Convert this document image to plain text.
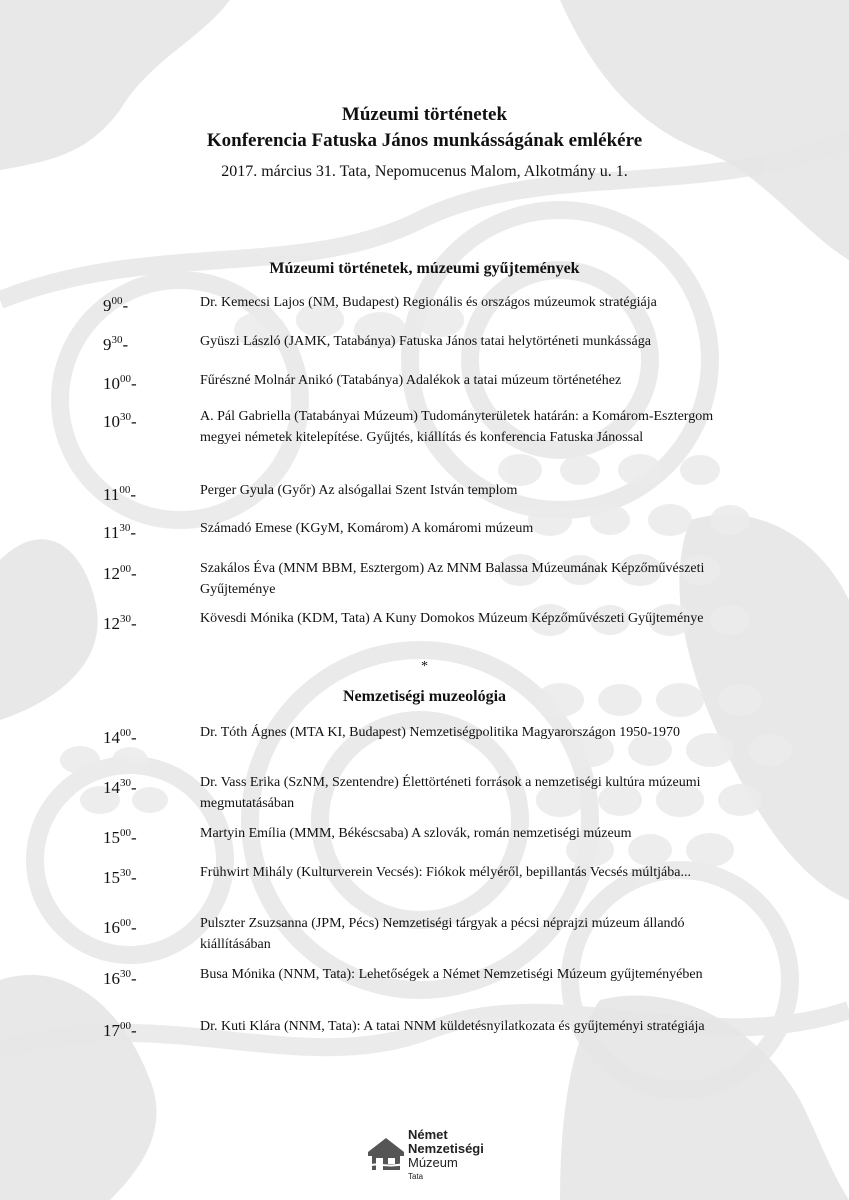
Múzeumi történetek
Konferencia Fatuska János munkásságának emlékére
2017. március 31. Tata, Nepomucenus Malom, Alkotmány u. 1.
Múzeumi történetek, múzeumi gyűjtemények
$9^{00}-$	Dr. Kemecsi Lajos (NM, Budapest) Regionális és országos múzeumok stratégiája
$9^{30}-$	Gyüszi László (JAMK, Tatabánya) Fatuska János tatai helytörténeti munkássága
$10^{00}-$	Fűrészné Molnár Anikó (Tatabánya) Adalékok a tatai múzeum történetéhez
$10^{30}-$	A. Pál Gabriella (Tatabányai Múzeum) Tudományterületek határán: a Komárom-Esztergom megyei németek kitelepítése. Gyűjtés, kiállítás és konferencia Fatuska Jánossal
$11^{00}-$	Perger Gyula (Győr) Az alsógallai Szent István templom
$11^{30}-$	Számadó Emese (KGyM, Komárom) A komáromi múzeum
$12^{00}-$	Szakálos Éva (MNM BBM, Esztergom) Az MNM Balassa Múzeumának Képzőművészeti Gyűjteménye
$12^{30}-$	Kövesdi Mónika (KDM, Tata) A Kuny Domokos Múzeum Képzőművészeti Gyűjteménye
*
Nemzetiségi muzeológia
$14^{00}-$	Dr. Tóth Ágnes (MTA KI, Budapest) Nemzetiségpolitika Magyarországon 1950-1970
$14^{30}-$	Dr. Vass Erika (SzNM, Szentendre) Élettörténeti források a nemzetiségi kultúra múzeumi megmutatásában
$15^{00}-$	Martyin Emília (MMM, Békéscsaba) A szlovák, román nemzetiségi múzeum
$15^{30}-$	Frühwirt Mihály (Kulturverein Vecsés): Fiókok mélyéről, bepillantás Vecsés múltjába...
$16^{00}-$	Pulszter Zsuzsanna (JPM, Pécs) Nemzetiségi tárgyak a pécsi néprajzi múzeum állandó kiállításában
$16^{30}-$	Busa Mónika (NNM, Tata): Lehetőségek a Német Nemzetiségi Múzeum gyűjteményében
$17^{00}-$	Dr. Kuti Klára (NNM, Tata): A tatai NNM küldetésnyilatkozata és gyűjteményi stratégiája
Német
Nemzetiségi
Múzeum
Tata
